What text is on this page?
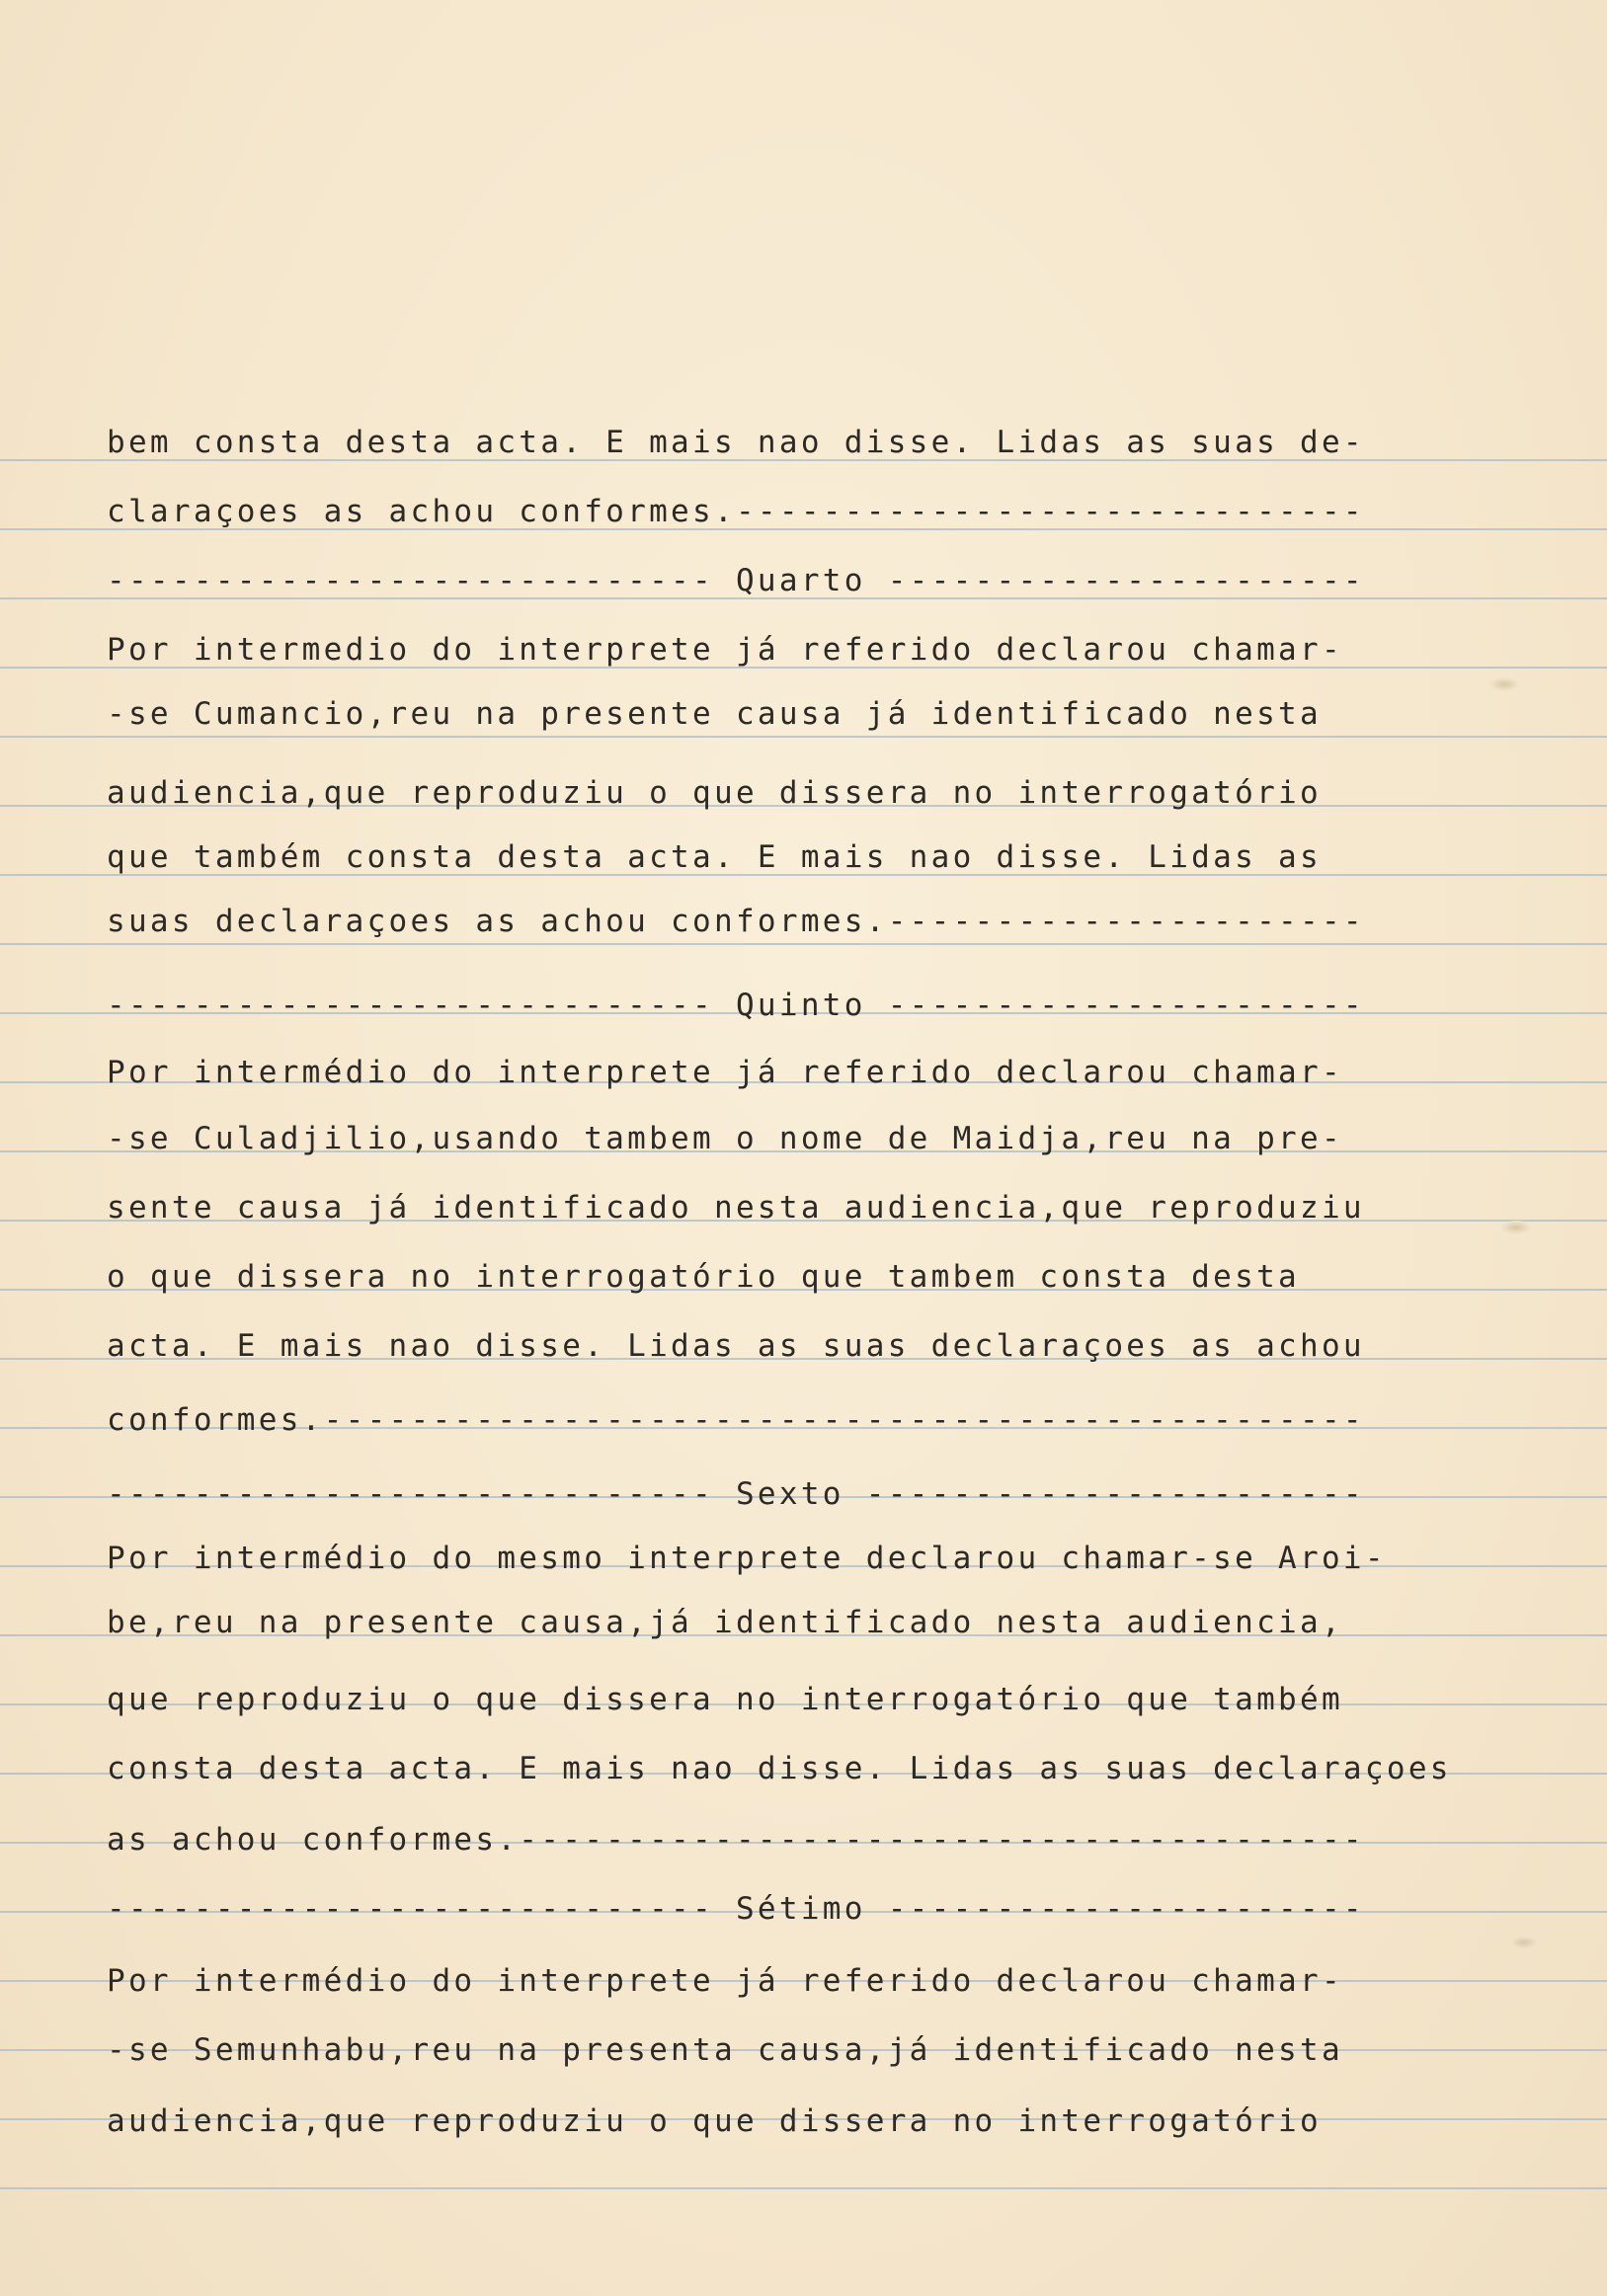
bem consta desta acta. E mais nao disse. Lidas as suas de-
claraçoes as achou conformes.-----------------------------
---------------------------- Quarto ----------------------
Por intermedio do interprete já referido declarou chamar-
-se Cumancio,reu na presente causa já identificado nesta
audiencia,que reproduziu o que dissera no interrogatório
que também consta desta acta. E mais nao disse. Lidas as
suas declaraçoes as achou conformes.----------------------
---------------------------- Quinto ----------------------
Por intermédio do interprete já referido declarou chamar-
-se Culadjilio,usando tambem o nome de Maidja,reu na pre-
sente causa já identificado nesta audiencia,que reproduziu
o que dissera no interrogatório que tambem consta desta
acta. E mais nao disse. Lidas as suas declaraçoes as achou
conformes.------------------------------------------------
---------------------------- Sexto -----------------------
Por intermédio do mesmo interprete declarou chamar-se Aroi-
be,reu na presente causa,já identificado nesta audiencia,
que reproduziu o que dissera no interrogatório que também
consta desta acta. E mais nao disse. Lidas as suas declaraçoes
as achou conformes.---------------------------------------
---------------------------- Sétimo ----------------------
Por intermédio do interprete já referido declarou chamar-
-se Semunhabu,reu na presenta causa,já identificado nesta
audiencia,que reproduziu o que dissera no interrogatório
